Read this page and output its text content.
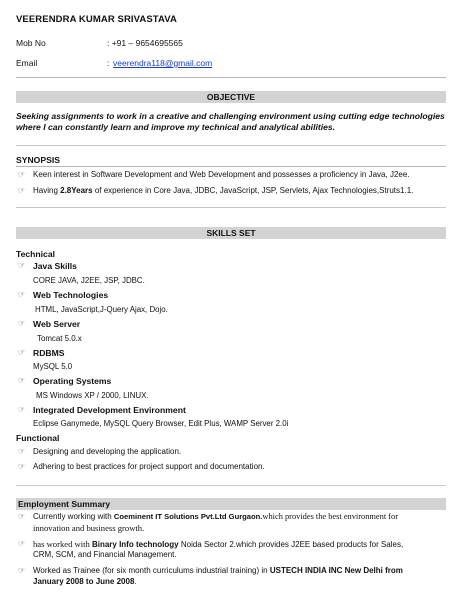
VEERENDRA KUMAR SRIVASTAVA
Mob No	: +91 – 9654695565
Email	: veerendra118@gmail.com
OBJECTIVE
Seeking assignments to work in a creative and challenging environment using cutting edge technologies where I can constantly learn and improve my technical and analytical abilities.
SYNOPSIS
☞ Keen interest in Software Development and Web Development and possesses a proficiency in Java, J2ee.
☞ Having 2.8Years of experience in Core Java, JDBC, JavaScript, JSP, Servlets, Ajax Technologies,Struts1.1.
SKILLS SET
Technical
☞ Java Skills
CORE JAVA, J2EE, JSP, JDBC.
☞ Web Technologies
HTML, JavaScript,J-Query Ajax, Dojo.
☞ Web Server
Tomcat 5.0.x
☞ RDBMS
MySQL 5.0
☞ Operating Systems
MS Windows XP / 2000, LINUX.
☞ Integrated Development Environment
Eclipse Ganymede, MySQL Query Browser, Edit Plus, WAMP Server 2.0i
Functional
☞ Designing and developing the application.
☞ Adhering to best practices for project support and documentation.
Employment Summary
☞ Currently working with Coeminent IT Solutions Pvt.Ltd Gurgaon.which provides the best environment for
innovation and business growth.
☞ has worked with Binary Info technology Noida Sector 2.which provides J2EE based products for Sales,
CRM, SCM, and Financial Management.
☞ Worked as Trainee (for six month curriculums industrial training) in USTECH INDIA INC New Delhi from
January 2008 to June 2008.
